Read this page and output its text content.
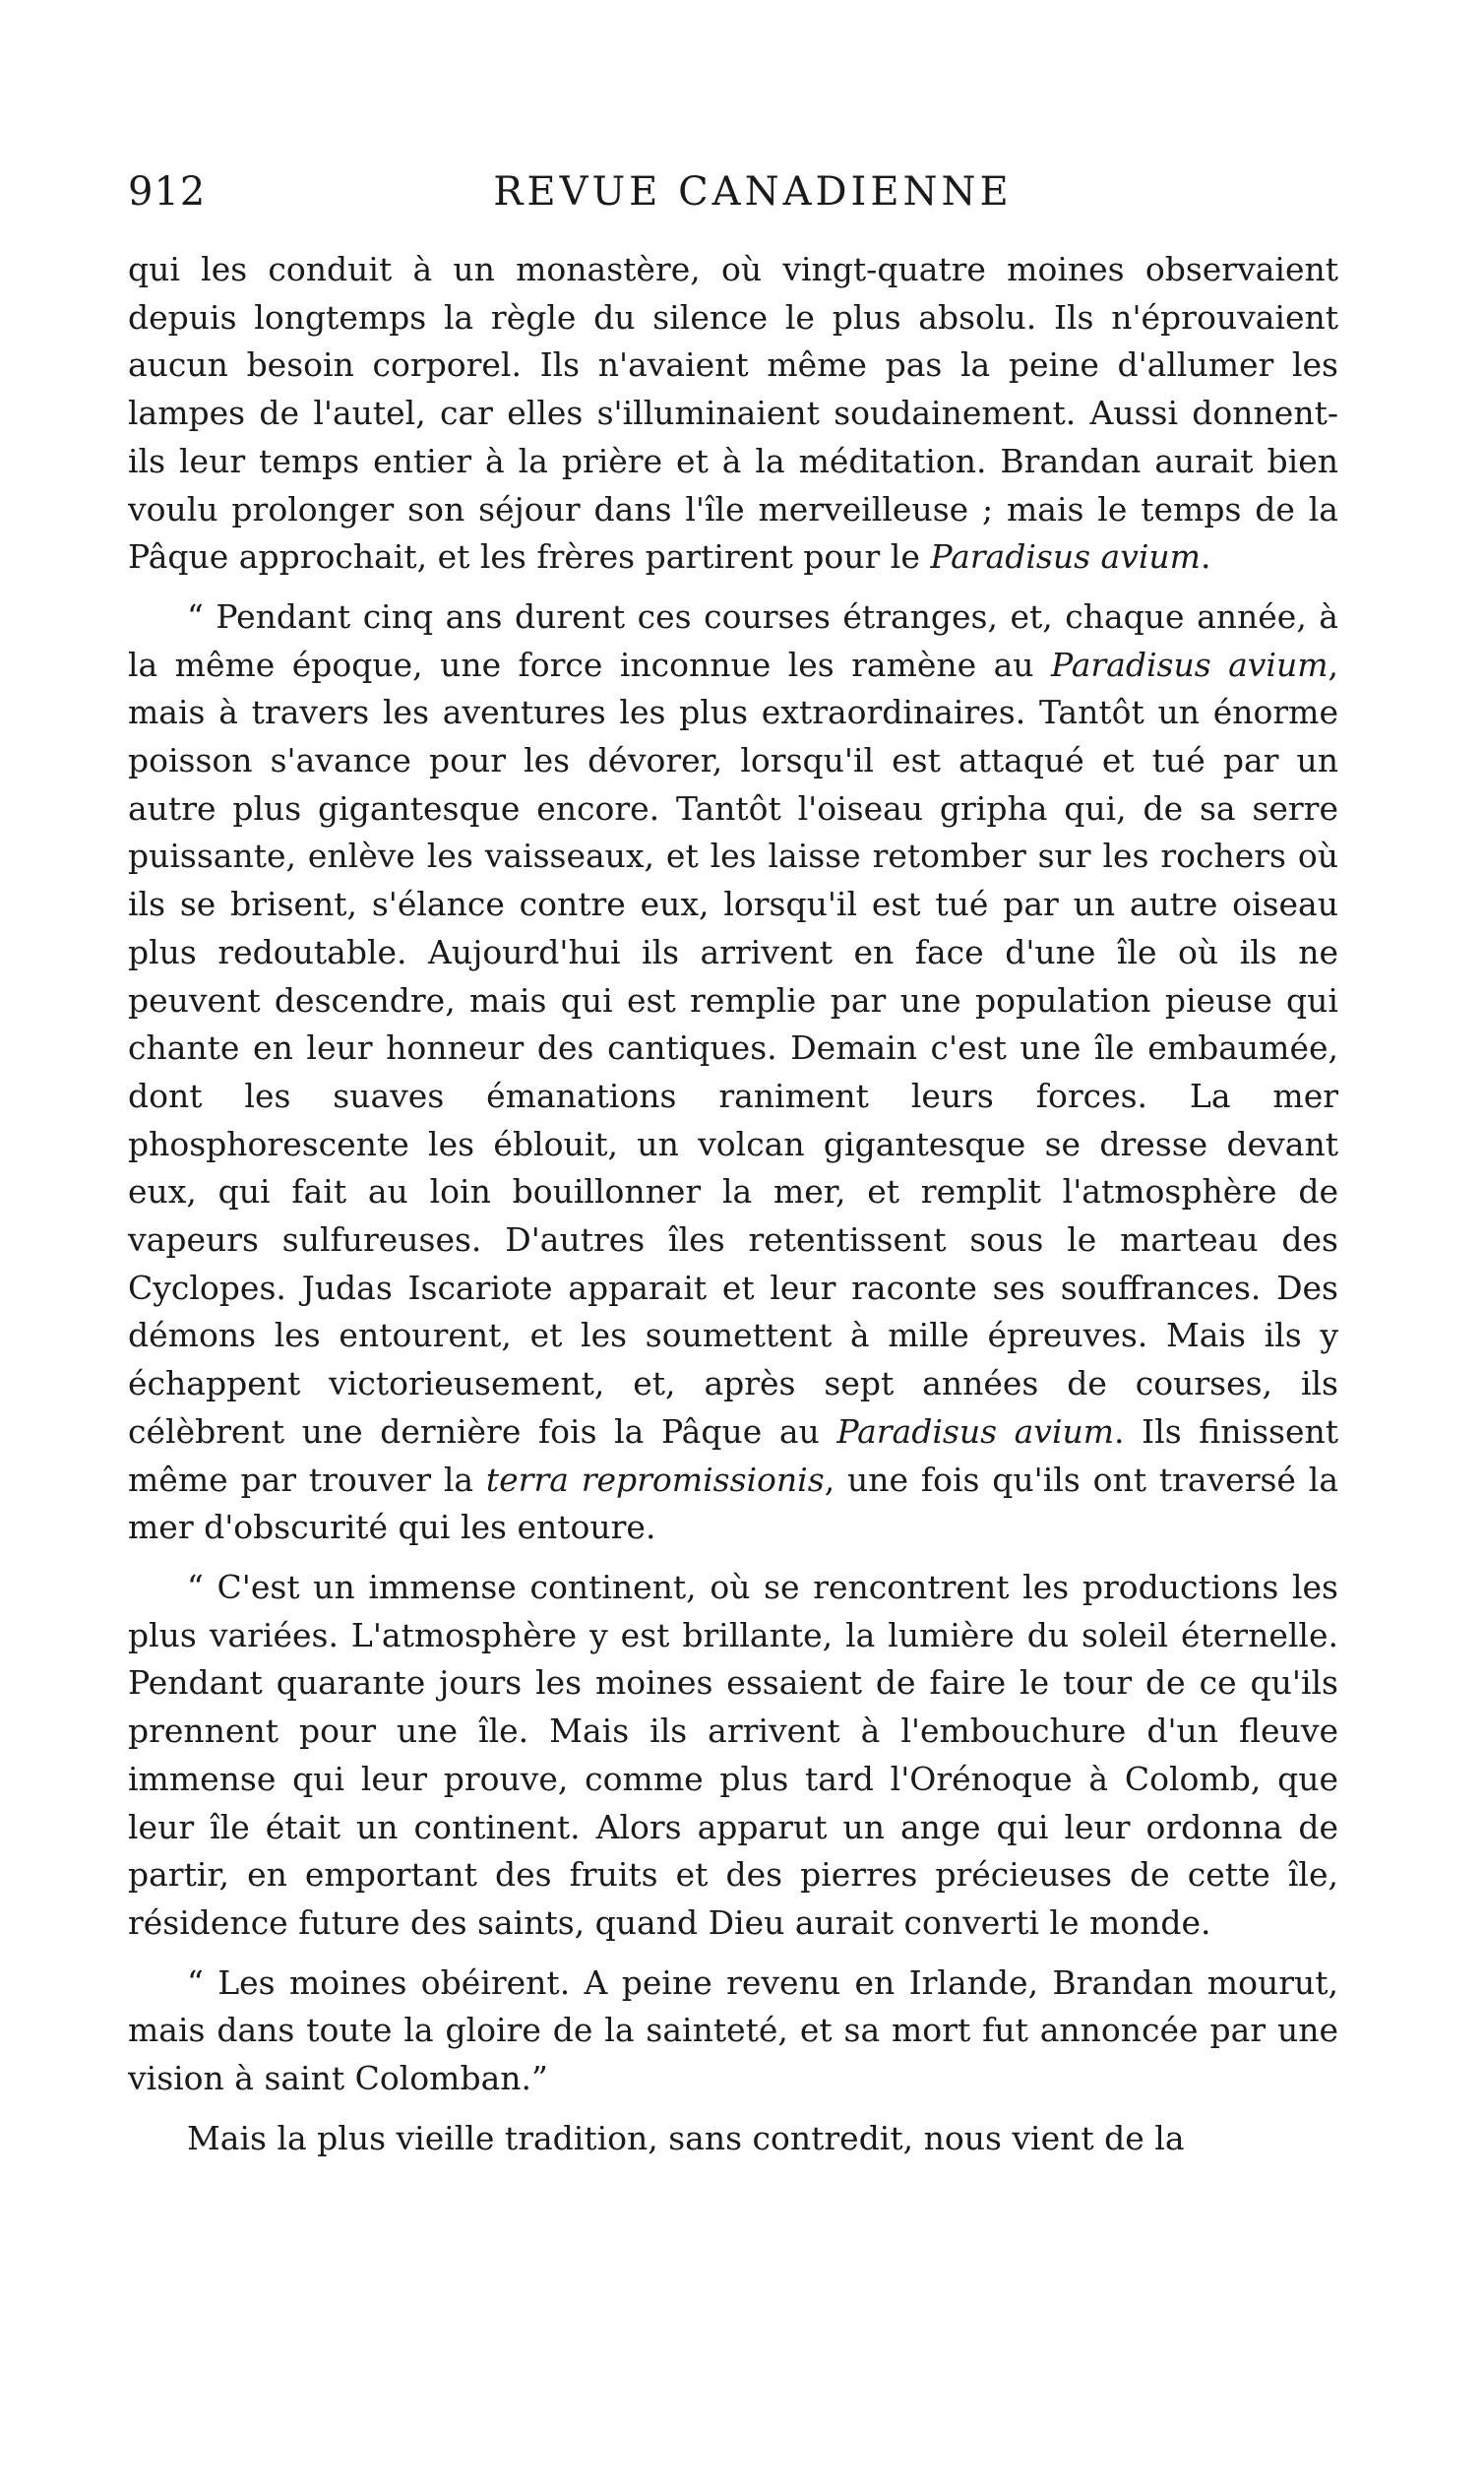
912	REVUE CANADIENNE

qui les conduit à un monastère, où vingt-quatre moines observaient depuis longtemps la règle du silence le plus absolu. Ils n'éprouvaient aucun besoin corporel. Ils n'avaient même pas la peine d'allumer les lampes de l'autel, car elles s'illuminaient soudainement. Aussi donnent-ils leur temps entier à la prière et à la méditation. Brandan aurait bien voulu prolonger son séjour dans l'île merveilleuse ; mais le temps de la Pâque approchait, et les frères partirent pour le Paradisus avium.

“ Pendant cinq ans durent ces courses étranges, et, chaque année, à la même époque, une force inconnue les ramène au Paradisus avium, mais à travers les aventures les plus extraordinaires. Tantôt un énorme poisson s'avance pour les dévorer, lorsqu'il est attaqué et tué par un autre plus gigantesque encore. Tantôt l'oiseau gripha qui, de sa serre puissante, enlève les vaisseaux, et les laisse retomber sur les rochers où ils se brisent, s'élance contre eux, lorsqu'il est tué par un autre oiseau plus redoutable. Aujourd'hui ils arrivent en face d'une île où ils ne peuvent descendre, mais qui est remplie par une population pieuse qui chante en leur honneur des cantiques. Demain c'est une île embaumée, dont les suaves émanations raniment leurs forces. La mer phosphorescente les éblouit, un volcan gigantesque se dresse devant eux, qui fait au loin bouillonner la mer, et remplit l'atmosphère de vapeurs sulfureuses. D'autres îles retentissent sous le marteau des Cyclopes. Judas Iscariote apparait et leur raconte ses souffrances. Des démons les entourent, et les soumettent à mille épreuves. Mais ils y échappent victorieusement, et, après sept années de courses, ils célèbrent une dernière fois la Pâque au Paradisus avium. Ils finissent même par trouver la terra repromissionis, une fois qu'ils ont traversé la mer d'obscurité qui les entoure.

“ C'est un immense continent, où se rencontrent les productions les plus variées. L'atmosphère y est brillante, la lumière du soleil éternelle. Pendant quarante jours les moines essaient de faire le tour de ce qu'ils prennent pour une île. Mais ils arrivent à l'embouchure d'un fleuve immense qui leur prouve, comme plus tard l'Orénoque à Colomb, que leur île était un continent. Alors apparut un ange qui leur ordonna de partir, en emportant des fruits et des pierres précieuses de cette île, résidence future des saints, quand Dieu aurait converti le monde.

“ Les moines obéirent. A peine revenu en Irlande, Brandan mourut, mais dans toute la gloire de la sainteté, et sa mort fut annoncée par une vision à saint Colomban.”

Mais la plus vieille tradition, sans contredit, nous vient de la
